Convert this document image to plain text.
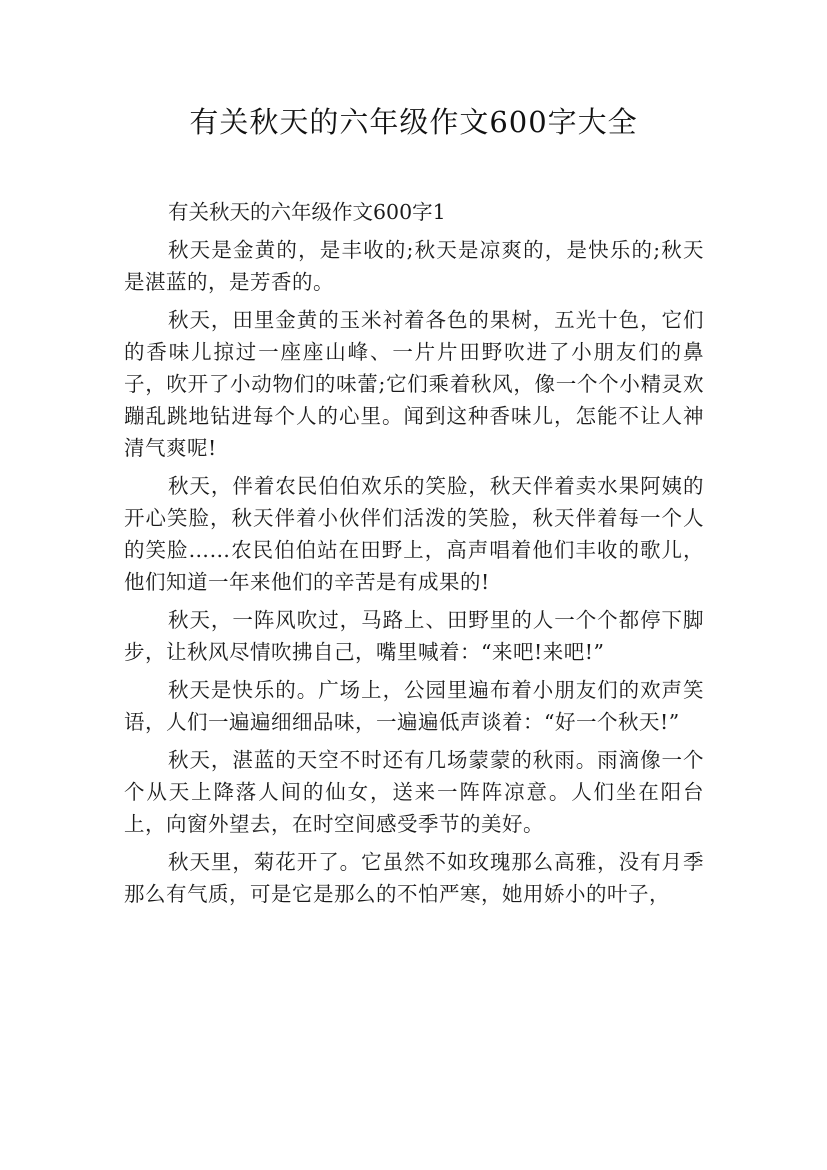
有关秋天的六年级作文600字大全

有关秋天的六年级作文600字1

秋天是金黄的，是丰收的;秋天是凉爽的，是快乐的;秋天是湛蓝的，是芳香的。

秋天，田里金黄的玉米衬着各色的果树，五光十色，它们的香味儿掠过一座座山峰、一片片田野吹进了小朋友们的鼻子，吹开了小动物们的味蕾;它们乘着秋风，像一个个小精灵欢蹦乱跳地钻进每个人的心里。闻到这种香味儿，怎能不让人神清气爽呢!

秋天，伴着农民伯伯欢乐的笑脸，秋天伴着卖水果阿姨的开心笑脸，秋天伴着小伙伴们活泼的笑脸，秋天伴着每一个人的笑脸……农民伯伯站在田野上，高声唱着他们丰收的歌儿，他们知道一年来他们的辛苦是有成果的!

秋天，一阵风吹过，马路上、田野里的人一个个都停下脚步，让秋风尽情吹拂自己，嘴里喊着：“来吧!来吧!”

秋天是快乐的。广场上，公园里遍布着小朋友们的欢声笑语，人们一遍遍细细品味，一遍遍低声谈着：“好一个秋天!”

秋天，湛蓝的天空不时还有几场蒙蒙的秋雨。雨滴像一个个从天上降落人间的仙女，送来一阵阵凉意。人们坐在阳台上，向窗外望去，在时空间感受季节的美好。

秋天里，菊花开了。它虽然不如玫瑰那么高雅，没有月季那么有气质，可是它是那么的不怕严寒，她用娇小的叶子，
